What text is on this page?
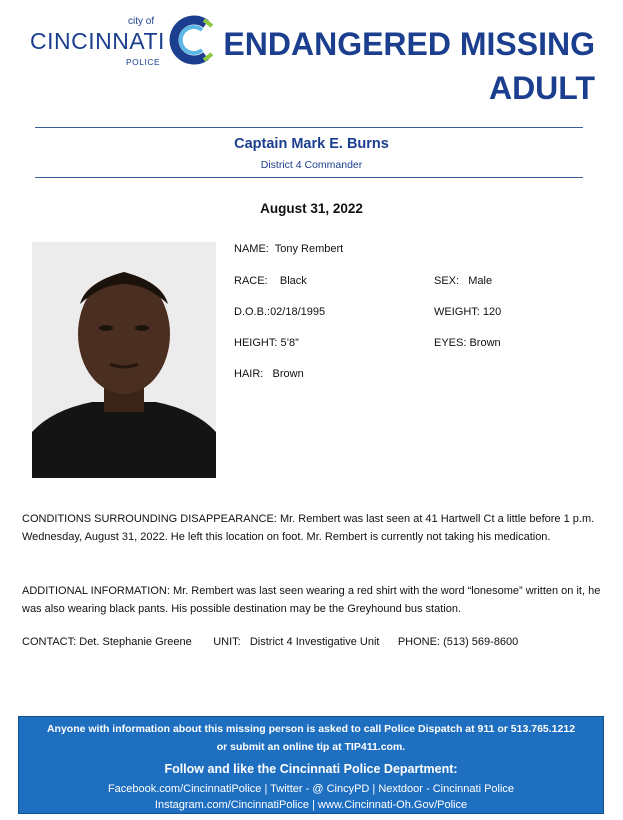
city of
CINCINNATI
POLICE	ENDANGERED MISSING
ADULT
Captain Mark E. Burns
District 4 Commander
August 31, 2022
NAME: Tony Rembert
RACE: Black	SEX: Male
D.O.B.:02/18/1995	WEIGHT: 120
HEIGHT: 5’8”	EYES: Brown
HAIR: Brown
CONDITIONS SURROUNDING DISAPPEARANCE: Mr. Rembert was last seen at 41 Hartwell Ct a little before 1 p.m. Wednesday, August 31, 2022. He left this location on foot. Mr. Rembert is currently not taking his medication.
ADDITIONAL INFORMATION: Mr. Rembert was last seen wearing a red shirt with the word “lonesome” written on it, he was also wearing black pants. His possible destination may be the Greyhound bus station.
CONTACT: Det. Stephanie Greene UNIT: District 4 Investigative Unit PHONE: (513) 569-8600
Anyone with information about this missing person is asked to call Police Dispatch at 911 or 513.765.1212
or submit an online tip at TIP411.com.
Follow and like the Cincinnati Police Department:
Facebook.com/CincinnatiPolice | Twitter - @ CincyPD | Nextdoor - Cincinnati Police
Instagram.com/CincinnatiPolice | www.Cincinnati-Oh.Gov/Police
